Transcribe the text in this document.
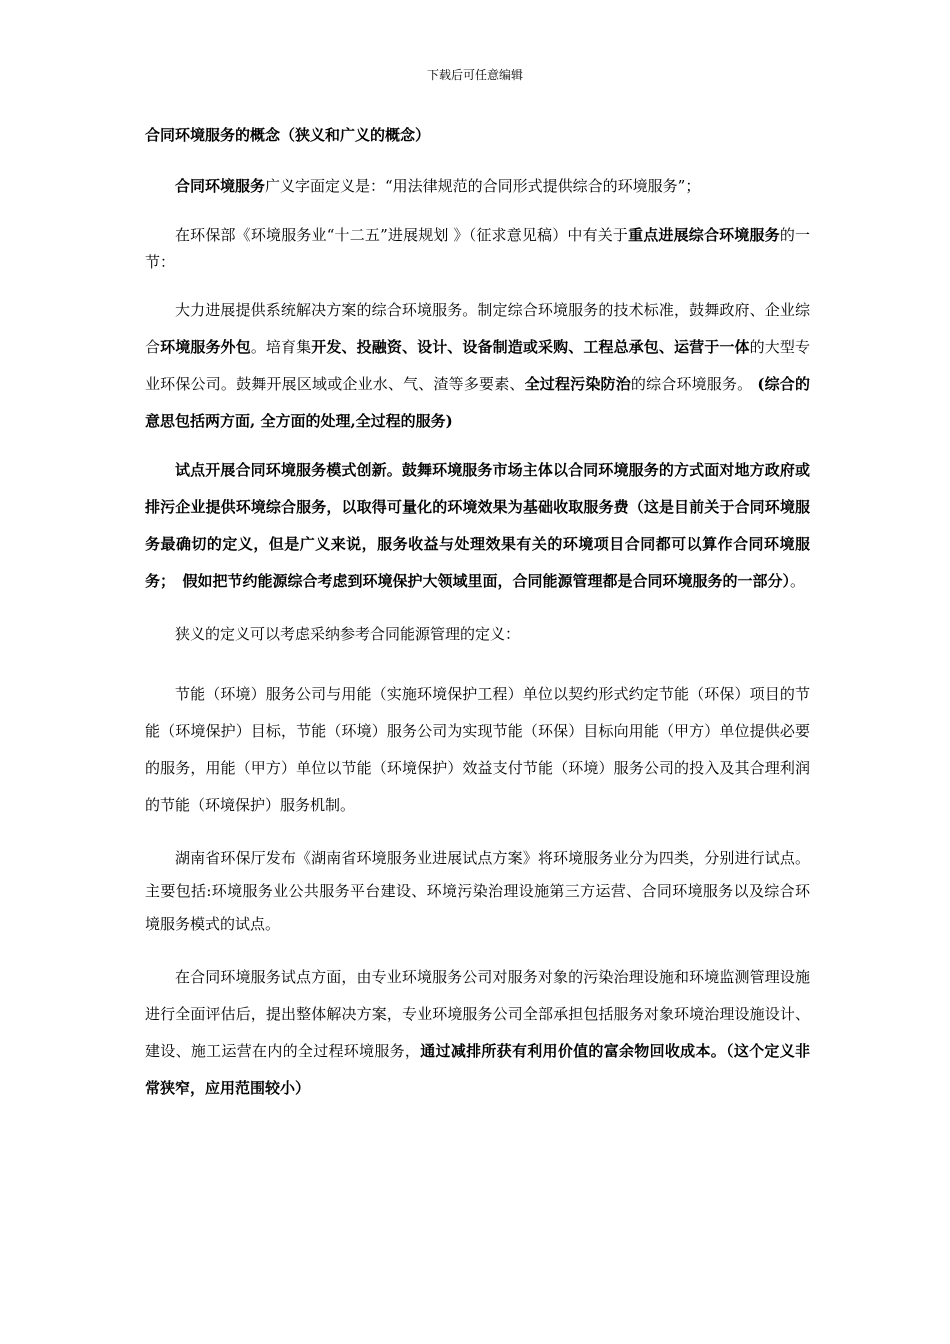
下载后可任意编辑

合同环境服务的概念（狭义和广义的概念）

合同环境服务广义字面定义是：“用法律规范的合同形式提供综合的环境服务”；

在环保部《环境服务业“十二五”进展规划 》（征求意见稿）中有关于重点进展综合环境服务的一节：

大力进展提供系统解决方案的综合环境服务。制定综合环境服务的技术标准，鼓舞政府、企业综合环境服务外包。培育集开发、投融资、设计、设备制造或采购、工程总承包、运营于一体的大型专业环保公司。鼓舞开展区域或企业水、气、渣等多要素、全过程污染防治的综合环境服务。 (综合的意思包括两方面, 全方面的处理,全过程的服务)

试点开展合同环境服务模式创新。鼓舞环境服务市场主体以合同环境服务的方式面对地方政府或排污企业提供环境综合服务，以取得可量化的环境效果为基础收取服务费（这是目前关于合同环境服务最确切的定义，但是广义来说，服务收益与处理效果有关的环境项目合同都可以算作合同环境服务；　假如把节约能源综合考虑到环境保护大领域里面，合同能源管理都是合同环境服务的一部分）。

狭义的定义可以考虑采纳参考合同能源管理的定义：

节能（环境）服务公司与用能（实施环境保护工程）单位以契约形式约定节能（环保）项目的节能（环境保护）目标，节能（环境）服务公司为实现节能（环保）目标向用能（甲方）单位提供必要的服务，用能（甲方）单位以节能（环境保护）效益支付节能（环境）服务公司的投入及其合理利润的节能（环境保护）服务机制。

湖南省环保厅发布《湖南省环境服务业进展试点方案》将环境服务业分为四类，分别进行试点。主要包括:环境服务业公共服务平台建设、环境污染治理设施第三方运营、合同环境服务以及综合环境服务模式的试点。

在合同环境服务试点方面，由专业环境服务公司对服务对象的污染治理设施和环境监测管理设施进行全面评估后，提出整体解决方案，专业环境服务公司全部承担包括服务对象环境治理设施设计、建设、施工运营在内的全过程环境服务，通过减排所获有利用价值的富余物回收成本。（这个定义非常狭窄，应用范围较小）
